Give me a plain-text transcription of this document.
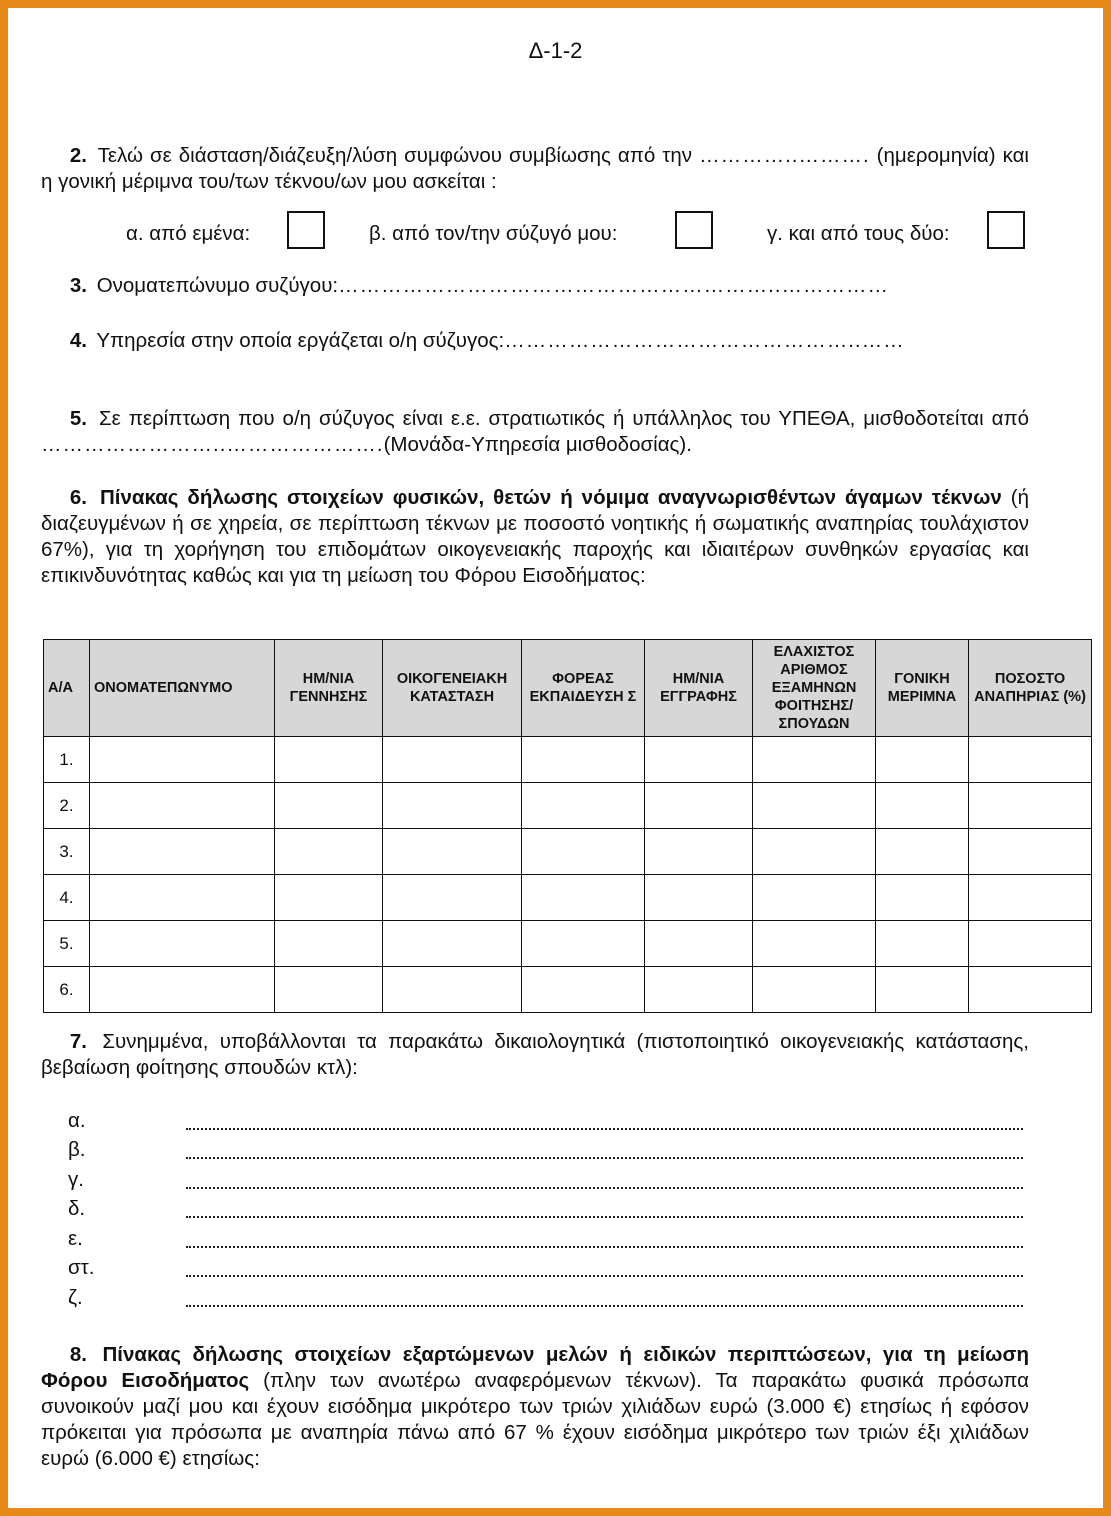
Δ-1-2
2. Τελώ σε διάσταση/διάζευξη/λύση συμφώνου συμβίωσης από την …………..………. (ημερομηνία) και η γονική μέριμνα του/των τέκνου/ων μου ασκείται :
α. από εμένα:	β. από τον/την σύζυγό μου:	γ. και από τους δύο:
3. Ονοματεπώνυμο συζύγου:……………………………………………………..……………
4. Υπηρεσία στην οποία εργάζεται ο/η σύζυγος:…………………………………………..……
5. Σε περίπτωση που ο/η σύζυγος είναι ε.ε. στρατιωτικός ή υπάλληλος του ΥΠΕΘΑ, μισθοδοτείται από ……………………..………………….(Μονάδα-Υπηρεσία μισθοδοσίας).
6. Πίνακας δήλωσης στοιχείων φυσικών, θετών ή νόμιμα αναγνωρισθέντων άγαμων τέκνων (ή διαζευγμένων ή σε χηρεία, σε περίπτωση τέκνων με ποσοστό νοητικής ή σωματικής αναπηρίας τουλάχιστον 67%), για τη χορήγηση του επιδομάτων οικογενειακής παροχής και ιδιαιτέρων συνθηκών εργασίας και επικινδυνότητας καθώς και για τη μείωση του Φόρου Εισοδήματος:
Α/Α	ΟΝΟΜΑΤΕΠΩΝΥΜΟ	ΗΜ/ΝΙΑ ΓΕΝΝΗΣΗΣ	ΟΙΚΟΓΕΝΕΙΑΚΗ ΚΑΤΑΣΤΑΣΗ	ΦΟΡΕΑΣ ΕΚΠΑΙΔΕΥΣΗ Σ	ΗΜ/ΝΙΑ ΕΓΓΡΑΦΗΣ	ΕΛΑΧΙΣΤΟΣ ΑΡΙΘΜΟΣ ΕΞΑΜΗΝΩΝ ΦΟΙΤΗΣΗΣ/ ΣΠΟΥΔΩΝ	ΓΟΝΙΚΗ ΜΕΡΙΜΝΑ	ΠΟΣΟΣΤΟ ΑΝΑΠΗΡΙΑΣ (%)
1.								
2.								
3.								
4.								
5.								
6.								
7. Συνημμένα, υποβάλλονται τα παρακάτω δικαιολογητικά (πιστοποιητικό οικογενειακής κατάστασης, βεβαίωση φοίτησης σπουδών κτλ):
α.
β.
γ.
δ.
ε.
στ.
ζ.
8. Πίνακας δήλωσης στοιχείων εξαρτώμενων μελών ή ειδικών περιπτώσεων, για τη μείωση Φόρου Εισοδήματος (πλην των ανωτέρω αναφερόμενων τέκνων). Τα παρακάτω φυσικά πρόσωπα συνοικούν μαζί μου και έχουν εισόδημα μικρότερο των τριών χιλιάδων ευρώ (3.000 €) ετησίως ή εφόσον πρόκειται για πρόσωπα με αναπηρία πάνω από 67 % έχουν εισόδημα μικρότερο των τριών έξι χιλιάδων ευρώ (6.000 €) ετησίως:
